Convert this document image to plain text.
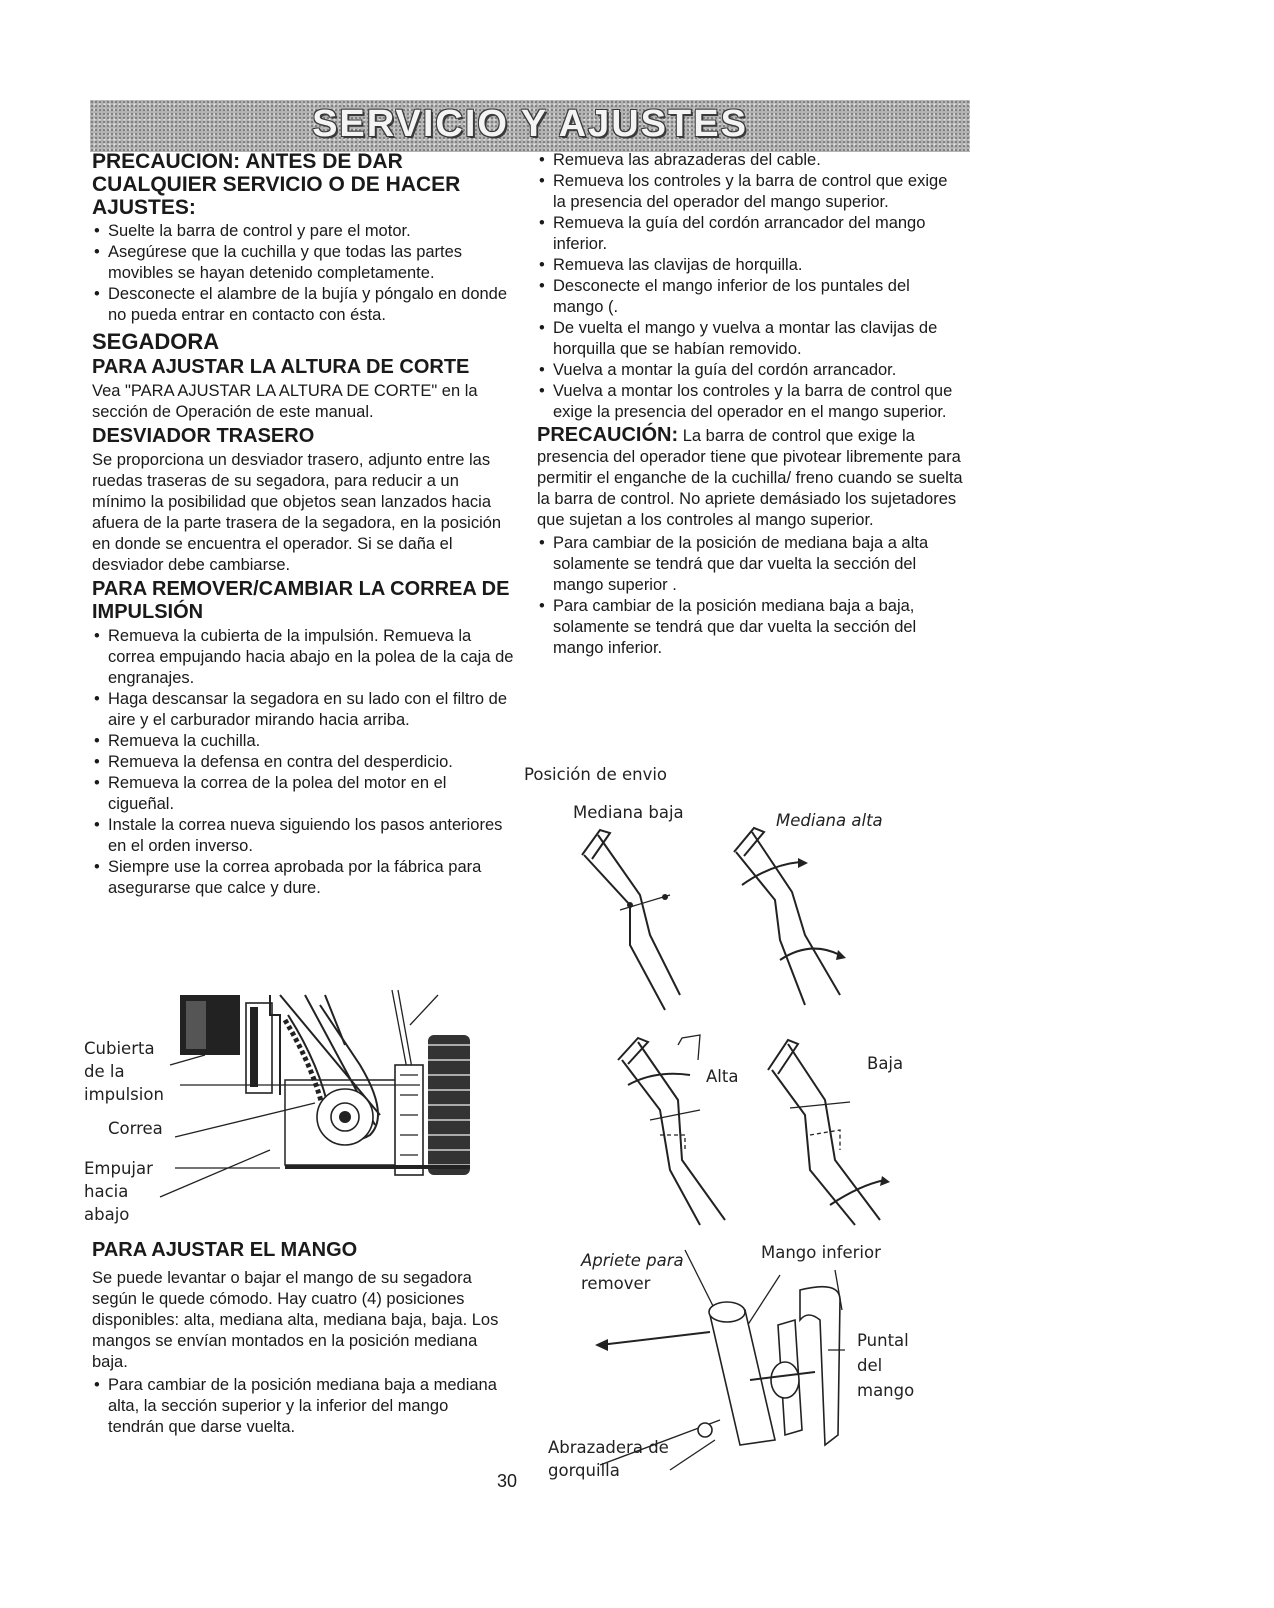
SERVICIO Y AJUSTES
PRECAUCION: ANTES DE DAR CUALQUIER SERVICIO O DE HACER AJUSTES:
• Suelte la barra de control y pare el motor.
• Asegúrese que la cuchilla y que todas las partes movibles se hayan detenido completamente.
• Desconecte el alambre de la bujía y póngalo en donde no pueda entrar en contacto con ésta.
SEGADORA
PARA AJUSTAR LA ALTURA DE CORTE

Vea "PARA AJUSTAR LA ALTURA DE CORTE" en la sección de Operación de este manual.

DESVIADOR TRASERO

Se proporciona un desviador trasero, adjunto entre las ruedas traseras de su segadora, para reducir a un mínimo la posibilidad que objetos sean lanzados hacia afuera de la parte trasera de la segadora, en la posición en donde se encuentra el operador. Si se daña el desviador debe cambiarse.

PARA REMOVER/CAMBIAR LA CORREA DE IMPULSIÓN
• Remueva la cubierta de la impulsión. Remueva la correa empujando hacia abajo en la polea de la caja de engranajes.
• Haga descansar la segadora en su lado con el filtro de aire y el carburador mirando hacia arriba.
• Remueva la cuchilla.
• Remueva la defensa en contra del desperdicio.
• Remueva la correa de la polea del motor en el cigueñal.
• Instale la correa nueva siguiendo los pasos anteriores en el orden inverso.
• Siempre use la correa aprobada por la fábrica para asegurarse que calce y dure.
Cubierta
de la
impulsion
Correa
Empujar
hacia
abajo
PARA AJUSTAR EL MANGO

Se puede levantar o bajar el mango de su segadora según le quede cómodo. Hay cuatro (4) posiciones disponibles: alta, mediana alta, mediana baja, baja. Los mangos se envían montados en la posición mediana baja.

• Para cambiar de la posición mediana baja a mediana alta, la sección superior y la inferior del mango tendrán que darse vuelta.
• Remueva las abrazaderas del cable.
• Remueva los controles y la barra de control que exige la presencia del operador del mango superior.
• Remueva la guía del cordón arrancador del mango inferior.
• Remueva las clavijas de horquilla.
• Desconecte el mango inferior de los puntales del mango (.
• De vuelta el mango y vuelva a montar las clavijas de horquilla que se habían removido.
• Vuelva a montar la guía del cordón arrancador.
• Vuelva a montar los controles y la barra de control que exige la presencia del operador en el mango superior.

PRECAUCIÓN: La barra de control que exige la presencia del operador tiene que pivotear libremente para permitir el enganche de la cuchilla/ freno cuando se suelta la barra de control. No apriete demásiado los sujetadores que sujetan a los controles al mango superior.

• Para cambiar de la posición de mediana baja a alta solamente se tendrá que dar vuelta la sección del mango superior .
• Para cambiar de la posición mediana baja a baja, solamente se tendrá que dar vuelta la sección del mango inferior.
Posición de envio
Mediana baja	Mediana alta
Alta
Baja
Apriete para
remover
Mango inferior
Puntal
del
mango
Abrazadera de
gorquilla
30
